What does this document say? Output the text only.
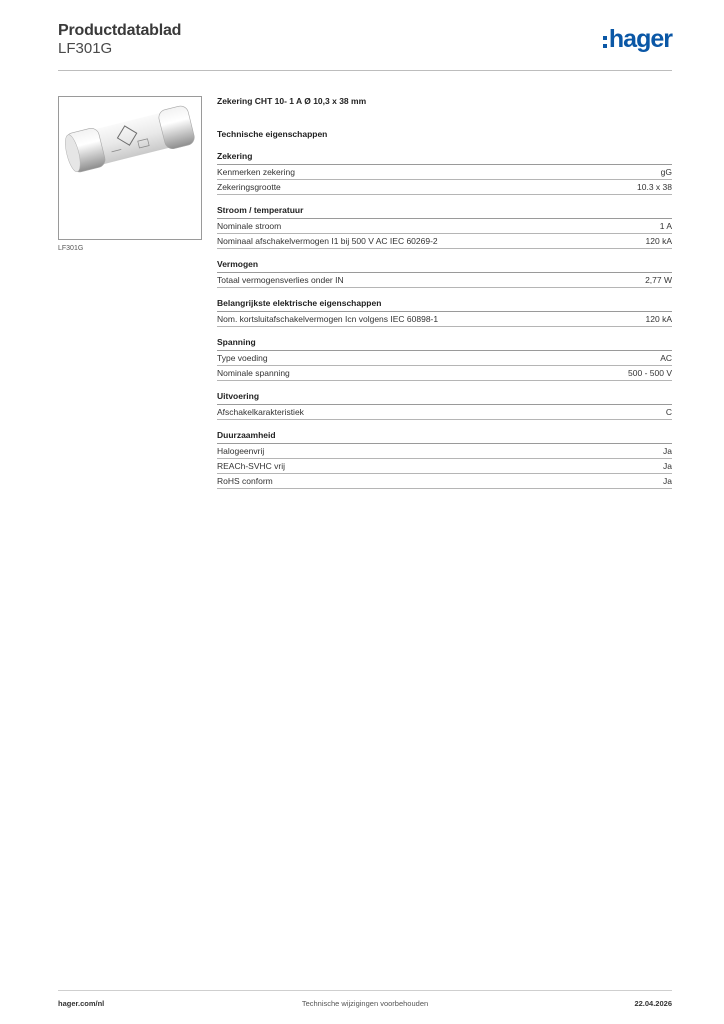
Productdatablad
LF301G	hager
LF301G
Zekering CHT 10- 1 A Ø 10,3 x 38 mm
Technische eigenschappen
Zekering
Kenmerken zekering	gG
Zekeringsgrootte	10.3 x 38
Stroom / temperatuur
Nominale stroom	1 A
Nominaal afschakelvermogen I1 bij 500 V AC IEC 60269-2	120 kA
Vermogen
Totaal vermogensverlies onder IN	2,77 W
Belangrijkste elektrische eigenschappen
Nom. kortsluitafschakelvermogen Icn volgens IEC 60898-1	120 kA
Spanning
Type voeding	AC
Nominale spanning	500 - 500 V
Uitvoering
Afschakelkarakteristiek	C
Duurzaamheid
Halogeenvrij	Ja
REACh-SVHC vrij	Ja
RoHS conform	Ja
hager.com/nl	Technische wijzigingen voorbehouden	22.04.2026
